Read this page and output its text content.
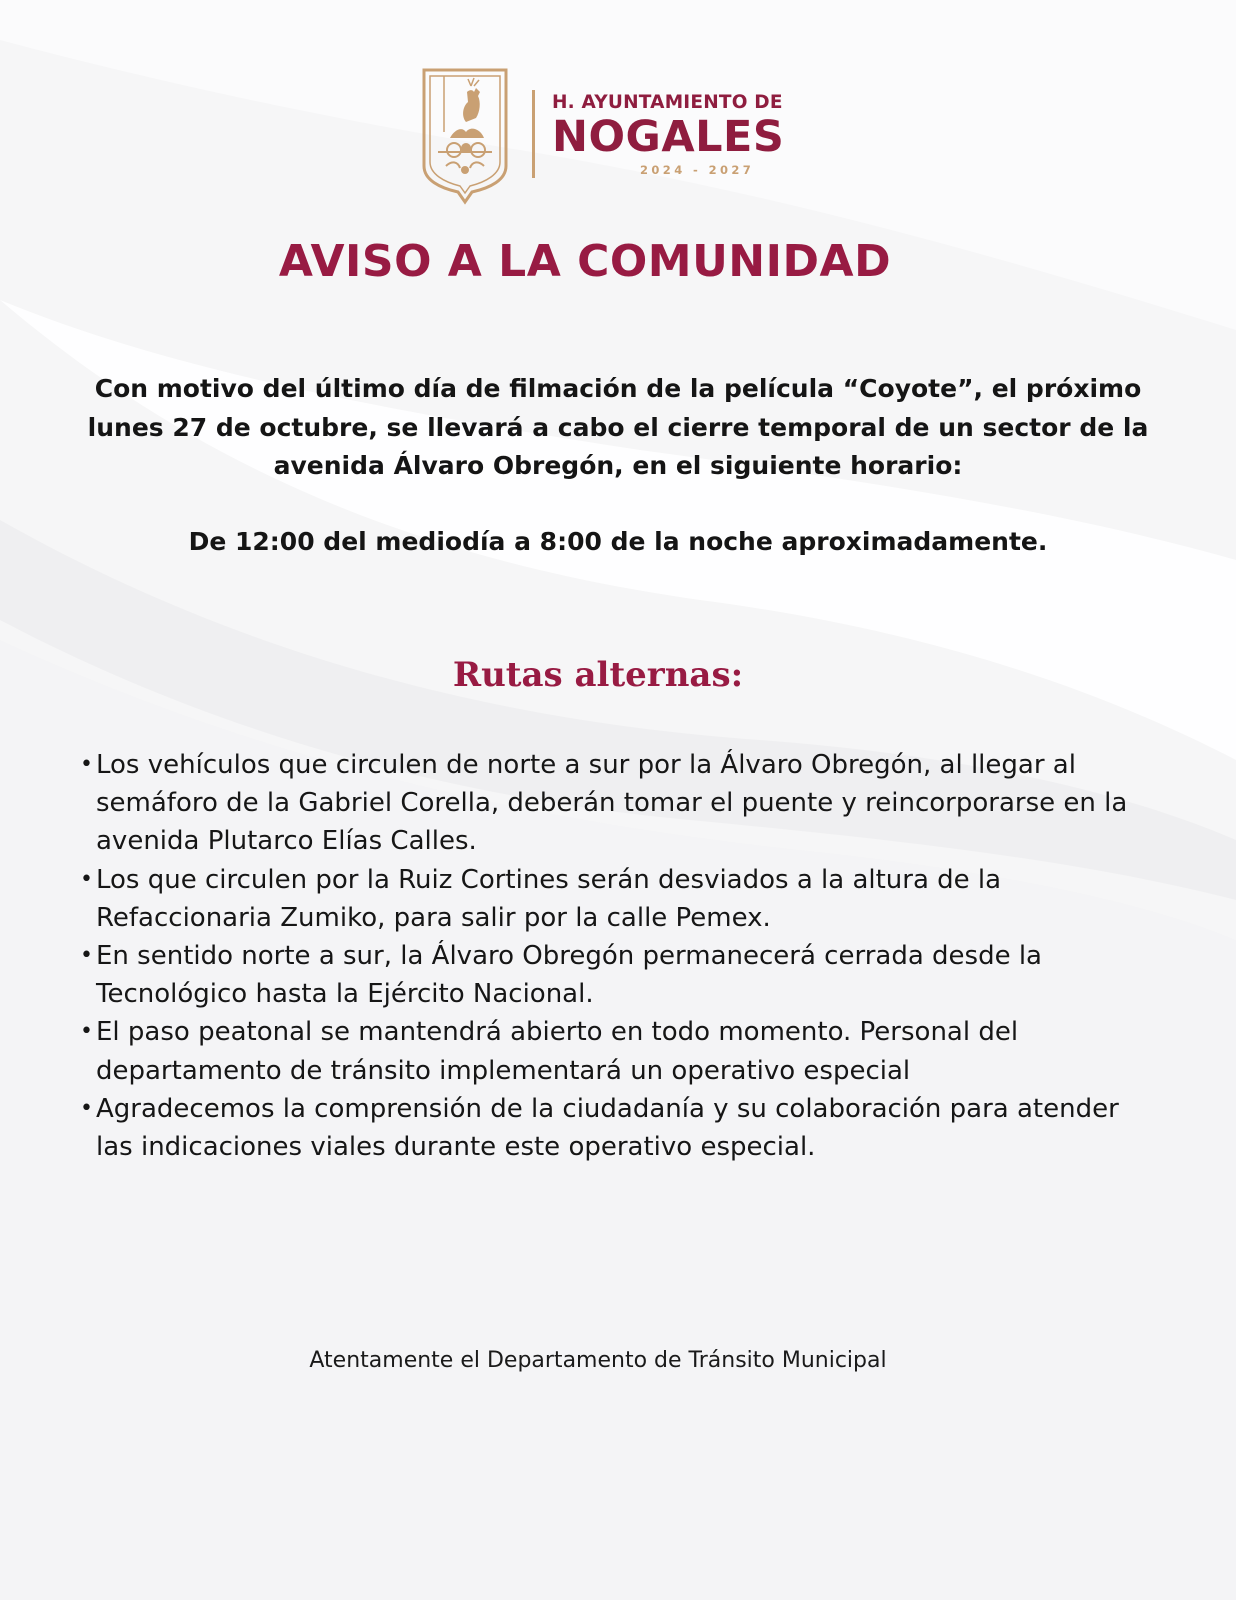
H. AYUNTAMIENTO DE
NOGALES
2024 - 2027
AVISO A LA COMUNIDAD

Con motivo del último día de filmación de la película “Coyote”, el próximo lunes 27 de octubre, se llevará a cabo el cierre temporal de un sector de la avenida Álvaro Obregón, en el siguiente horario:

De 12:00 del mediodía a 8:00 de la noche aproximadamente.

Rutas alternas:
• Los vehículos que circulen de norte a sur por la Álvaro Obregón, al llegar al semáforo de la Gabriel Corella, deberán tomar el puente y reincorporarse en la avenida Plutarco Elías Calles.
• Los que circulen por la Ruiz Cortines serán desviados a la altura de la Refaccionaria Zumiko, para salir por la calle Pemex.
• En sentido norte a sur, la Álvaro Obregón permanecerá cerrada desde la Tecnológico hasta la Ejército Nacional.
• El paso peatonal se mantendrá abierto en todo momento. Personal del departamento de tránsito implementará un operativo especial
• Agradecemos la comprensión de la ciudadanía y su colaboración para atender las indicaciones viales durante este operativo especial.
Atentamente el Departamento de Tránsito Municipal
